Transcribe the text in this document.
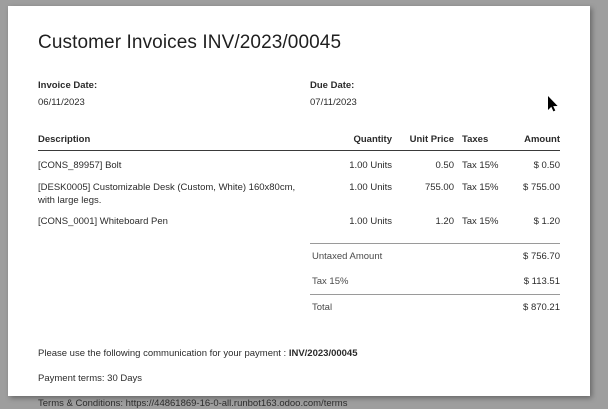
Customer Invoices INV/2023/00045
Invoice Date:
06/11/2023
Due Date:
07/11/2023
Description	Quantity	Unit Price	Taxes	Amount
[CONS_89957] Bolt	1.00 Units	0.50	Tax 15%	$ 0.50
[DESK0005] Customizable Desk (Custom, White) 160x80cm, with large legs.	1.00 Units	755.00	Tax 15%	$ 755.00
[CONS_0001] Whiteboard Pen	1.00 Units	1.20	Tax 15%	$ 1.20
Untaxed Amount	$ 756.70
Tax 15%	$ 113.51
Total	$ 870.21

Please use the following communication for your payment : INV/2023/00045

Payment terms: 30 Days

Terms & Conditions: https://44861869-16-0-all.runbot163.odoo.com/terms
